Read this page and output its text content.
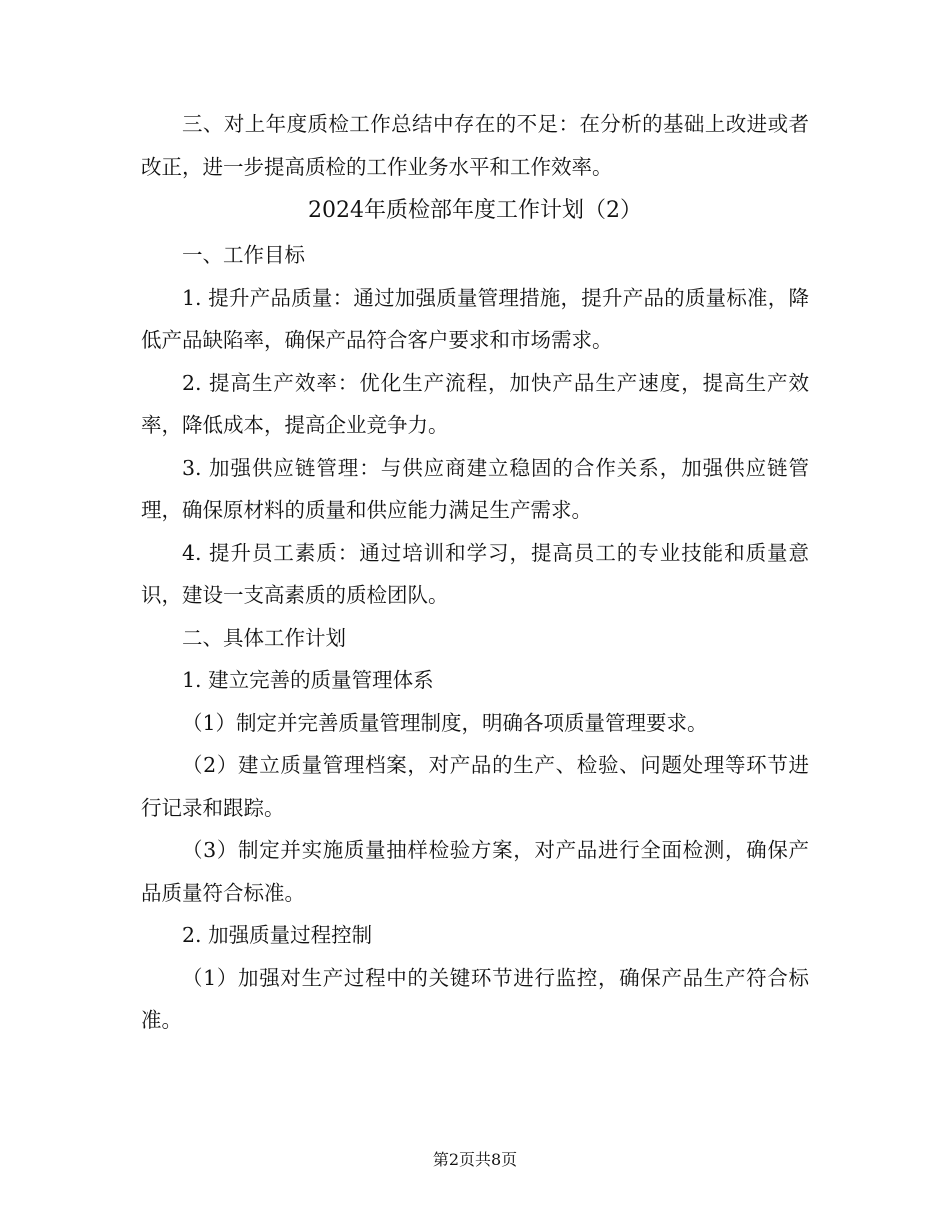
三、对上年度质检工作总结中存在的不足：在分析的基础上改进或者改正，进一步提高质检的工作业务水平和工作效率。

2024年质检部年度工作计划（2）

一、工作目标

1. 提升产品质量：通过加强质量管理措施，提升产品的质量标准，降低产品缺陷率，确保产品符合客户要求和市场需求。

2. 提高生产效率：优化生产流程，加快产品生产速度，提高生产效率，降低成本，提高企业竞争力。

3. 加强供应链管理：与供应商建立稳固的合作关系，加强供应链管理，确保原材料的质量和供应能力满足生产需求。

4. 提升员工素质：通过培训和学习，提高员工的专业技能和质量意识，建设一支高素质的质检团队。

二、具体工作计划

1. 建立完善的质量管理体系

（1）制定并完善质量管理制度，明确各项质量管理要求。

（2）建立质量管理档案，对产品的生产、检验、问题处理等环节进行记录和跟踪。

（3）制定并实施质量抽样检验方案，对产品进行全面检测，确保产品质量符合标准。

2. 加强质量过程控制

（1）加强对生产过程中的关键环节进行监控，确保产品生产符合标准。

第2页共8页
